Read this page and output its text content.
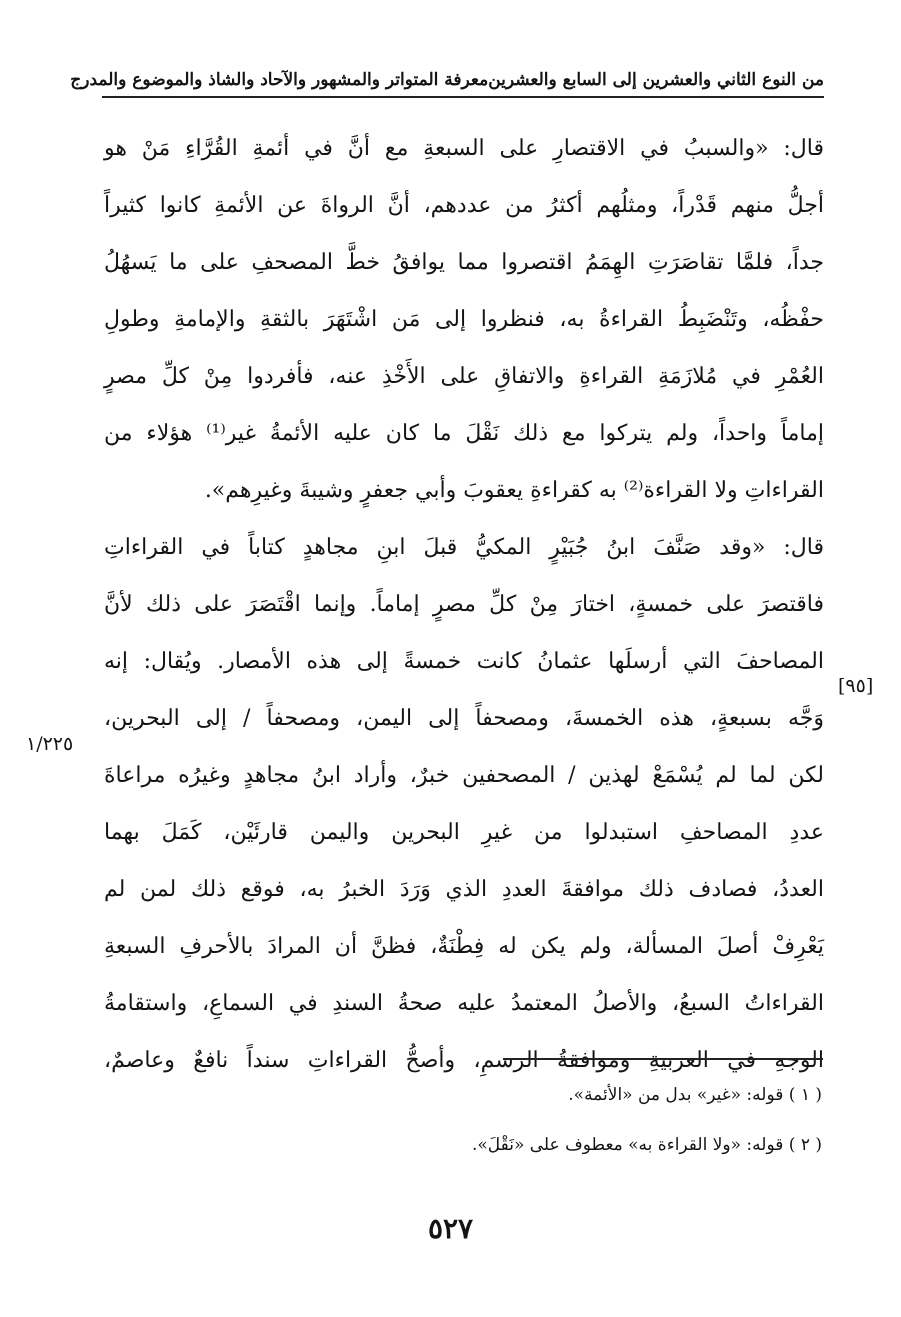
من النوع الثاني والعشرين إلى السابع والعشرين
معرفة المتواتر والمشهور والآحاد والشاذ والموضوع والمدرج
قال: «والسببُ في الاقتصارِ على السبعةِ مع أنَّ في أئمةِ القُرَّاءِ مَنْ هو
أجلُّ منهم قَدْراً، ومثلُهم أكثرُ من عددهم، أنَّ الرواةَ عن الأئمةِ كانوا كثيراً
جداً، فلمَّا تقاصَرَتِ الهِمَمُ اقتصروا مما يوافقُ خطَّ المصحفِ على ما يَسهُلُ
حفْظُه، وتَنْضَبِطُ القراءةُ به، فنظروا إلى مَن اشْتَهَرَ بالثقةِ والإمامةِ وطولِ
العُمْرِ في مُلازَمَةِ القراءةِ والاتفاقِ على الأَخْذِ عنه، فأفردوا مِنْ كلِّ مصرٍ
إماماً واحداً، ولم يتركوا مع ذلك نَقْلَ ما كان عليه الأئمةُ غير⁽¹⁾ هؤلاء من
القراءاتِ ولا القراءة⁽²⁾ به كقراءةِ يعقوبَ وأبي جعفرٍ وشيبةَ وغيرِهم».
قال: «وقد صَنَّفَ ابنُ جُبَيْرٍ المكيُّ قبلَ ابنِ مجاهدٍ كتاباً في القراءاتِ
فاقتصرَ على خمسةٍ، اختارَ مِنْ كلِّ مصرٍ إماماً. وإنما اقْتَصَرَ على ذلك لأنَّ
المصاحفَ التي أرسلَها عثمانُ كانت خمسةً إلى هذه الأمصار. ويُقال: إنه
وَجَّه بسبعةٍ، هذه الخمسةَ، ومصحفاً إلى اليمن، ومصحفاً / إلى البحرين،
لكن لما لم يُسْمَعْ لهذين / المصحفين خبرٌ، وأراد ابنُ مجاهدٍ وغيرُه مراعاةَ
عددِ المصاحفِ استبدلوا من غيرِ البحرين واليمن قارئَيْن، كَمَلَ بهما
العددُ، فصادف ذلك موافقةَ العددِ الذي وَرَدَ الخبرُ به، فوقع ذلك لمن لم
يَعْرِفْ أصلَ المسألة، ولم يكن له فِطْنَةٌ، فظنَّ أن المرادَ بالأحرفِ السبعةِ
القراءاتُ السبعُ، والأصلُ المعتمدُ عليه صحةُ السندِ في السماعِ، واستقامةُ
الوجهِ في العربيةِ وموافقةُ الرسمِ، وأصحُّ القراءاتِ سنداً نافعٌ وعاصمٌ،
[٩٥]
١/٢٢٥
( ١ ) قوله: «غير» بدل من «الأئمة».
( ٢ ) قوله: «ولا القراءة به» معطوف على «نَقْلَ».
٥٢٧
